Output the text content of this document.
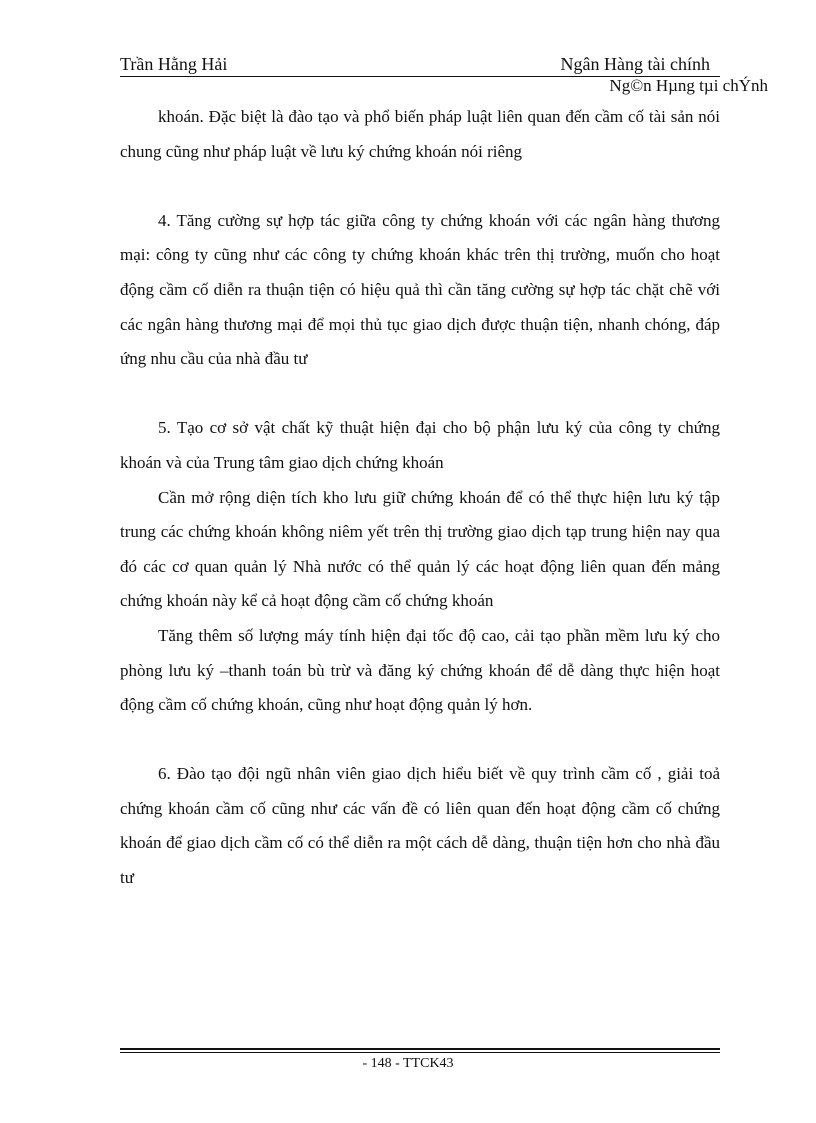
Trần Hằng Hải	Ngân Hàng tài chính
Ng©n Hµng tµi chÝnh

khoán. Đặc biệt là đào tạo và phổ biến pháp luật liên quan đến cầm cố tài sản nói chung cũng như pháp luật về lưu ký chứng khoán nói riêng

4. Tăng cường sự hợp tác giữa công ty chứng khoán với các ngân hàng thương mại: công ty cũng như các công ty chứng khoán khác trên thị trường, muốn cho hoạt động cầm cố diễn ra thuận tiện có hiệu quả thì cần tăng cường sự hợp tác chặt chẽ với các ngân hàng thương mại để mọi thủ tục giao dịch được thuận tiện, nhanh chóng, đáp ứng nhu cầu của nhà đầu tư

5. Tạo cơ sở vật chất kỹ thuật hiện đại cho bộ phận lưu ký của công ty chứng khoán và của Trung tâm giao dịch chứng khoán

Cần mở rộng diện tích kho lưu giữ chứng khoán để có thể thực hiện lưu ký tập trung các chứng khoán không niêm yết trên thị trường giao dịch tạp trung hiện nay qua đó các cơ quan quản lý Nhà nước có thể quản lý các hoạt động liên quan đến mảng chứng khoán này kể cả hoạt động cầm cố chứng khoán

Tăng thêm số lượng máy tính hiện đại tốc độ cao, cải tạo phần mềm lưu ký cho phòng lưu ký –thanh toán bù trừ và đăng ký chứng khoán để dễ dàng thực hiện hoạt động cầm cố chứng khoán, cũng như hoạt động quản lý hơn.

6. Đào tạo đội ngũ nhân viên giao dịch hiểu biết về quy trình cầm cố , giải toả chứng khoán cầm cố cũng như các vấn đề có liên quan đến hoạt động cầm cố chứng khoán để giao dịch cầm cố có thể diễn ra một cách dễ dàng, thuận tiện hơn cho nhà đầu tư

- 148 - TTCK43
